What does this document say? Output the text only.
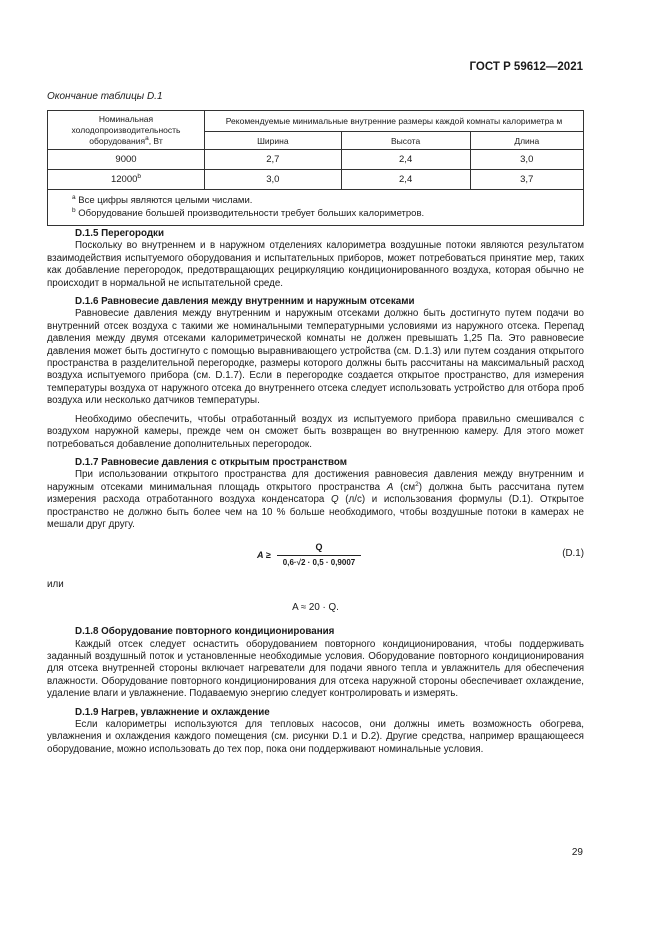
ГОСТ Р 59612—2021
Окончание таблицы D.1
Номинальная холодопроизводительность оборудования$^a$, Вт	Рекомендуемые минимальные внутренние размеры каждой комнаты калориметра м		
	Ширина	Высота	Длина
9000	2,7	2,4	3,0
12000$^b$	3,0	2,4	3,7

$^a$ Все цифры являются целыми числами.
$^b$ Оборудование большей производительности требует больших калориметров.			
D.1.5 Перегородки

Поскольку во внутреннем и в наружном отделениях калориметра воздушные потоки являются результатом взаимодействия испытуемого оборудования и испытательных приборов, может потребоваться принятие мер, таких как добавление перегородок, предотвращающих рециркуляцию кондиционированного воздуха, которая обычно не происходит в нормальной не испытательной среде.

D.1.6 Равновесие давления между внутренним и наружным отсеками

Равновесие давления между внутренним и наружным отсеками должно быть достигнуто путем подачи во внутренний отсек воздуха с такими же номинальными температурными условиями из наружного отсека. Перепад давления между двумя отсеками калориметрической комнаты не должен превышать 1,25 Па. Это равновесие давления может быть достигнуто с помощью выравнивающего устройства (см. D.1.3) или путем создания открытого пространства в разделительной перегородке, размеры которого должны быть рассчитаны на максимальный расход воздуха испытуемого прибора (см. D.1.7). Если в перегородке создается открытое пространство, для измерения температуры воздуха от наружного отсека до внутреннего отсека следует использовать устройство для отбора проб воздуха или несколько датчиков температуры.

Необходимо обеспечить, чтобы отработанный воздух из испытуемого прибора правильно смешивался с воздухом наружной камеры, прежде чем он сможет быть возвращен во внутреннюю камеру. Для этого может потребоваться добавление дополнительных перегородок.

D.1.7 Равновесие давления с открытым пространством

При использовании открытого пространства для достижения равновесия давления между внутренним и наружным отсеками минимальная площадь открытого пространства A $(см^2)$ должна быть рассчитана путем измерения расхода отработанного воздуха конденсатора Q (л/с) и использования формулы (D.1). Открытое пространство не должно быть более чем на 10 % больше необходимого, чтобы воздушные потоки в камерах не мешали друг другу.

$A \ge \frac{Q}{0,6\cdot√2 \cdot 0,5 \cdot 0,9007}$	(D.1)
или
A ≈ 20 · Q.
D.1.8 Оборудование повторного кондиционирования

Каждый отсек следует оснастить оборудованием повторного кондиционирования, чтобы поддерживать заданный воздушный поток и установленные необходимые условия. Оборудование повторного кондиционирования для отсека внутренней стороны включает нагреватели для подачи явного тепла и увлажнитель для обеспечения влажности. Оборудование повторного кондиционирования для отсека наружной стороны обеспечивает охлаждение, удаление влаги и увлажнение. Подаваемую энергию следует контролировать и измерять.

D.1.9 Нагрев, увлажнение и охлаждение

Если калориметры используются для тепловых насосов, они должны иметь возможность обогрева, увлажнения и охлаждения каждого помещения (см. рисунки D.1 и D.2). Другие средства, например вращающееся оборудование, можно использовать до тех пор, пока они поддерживают номинальные условия.

29
